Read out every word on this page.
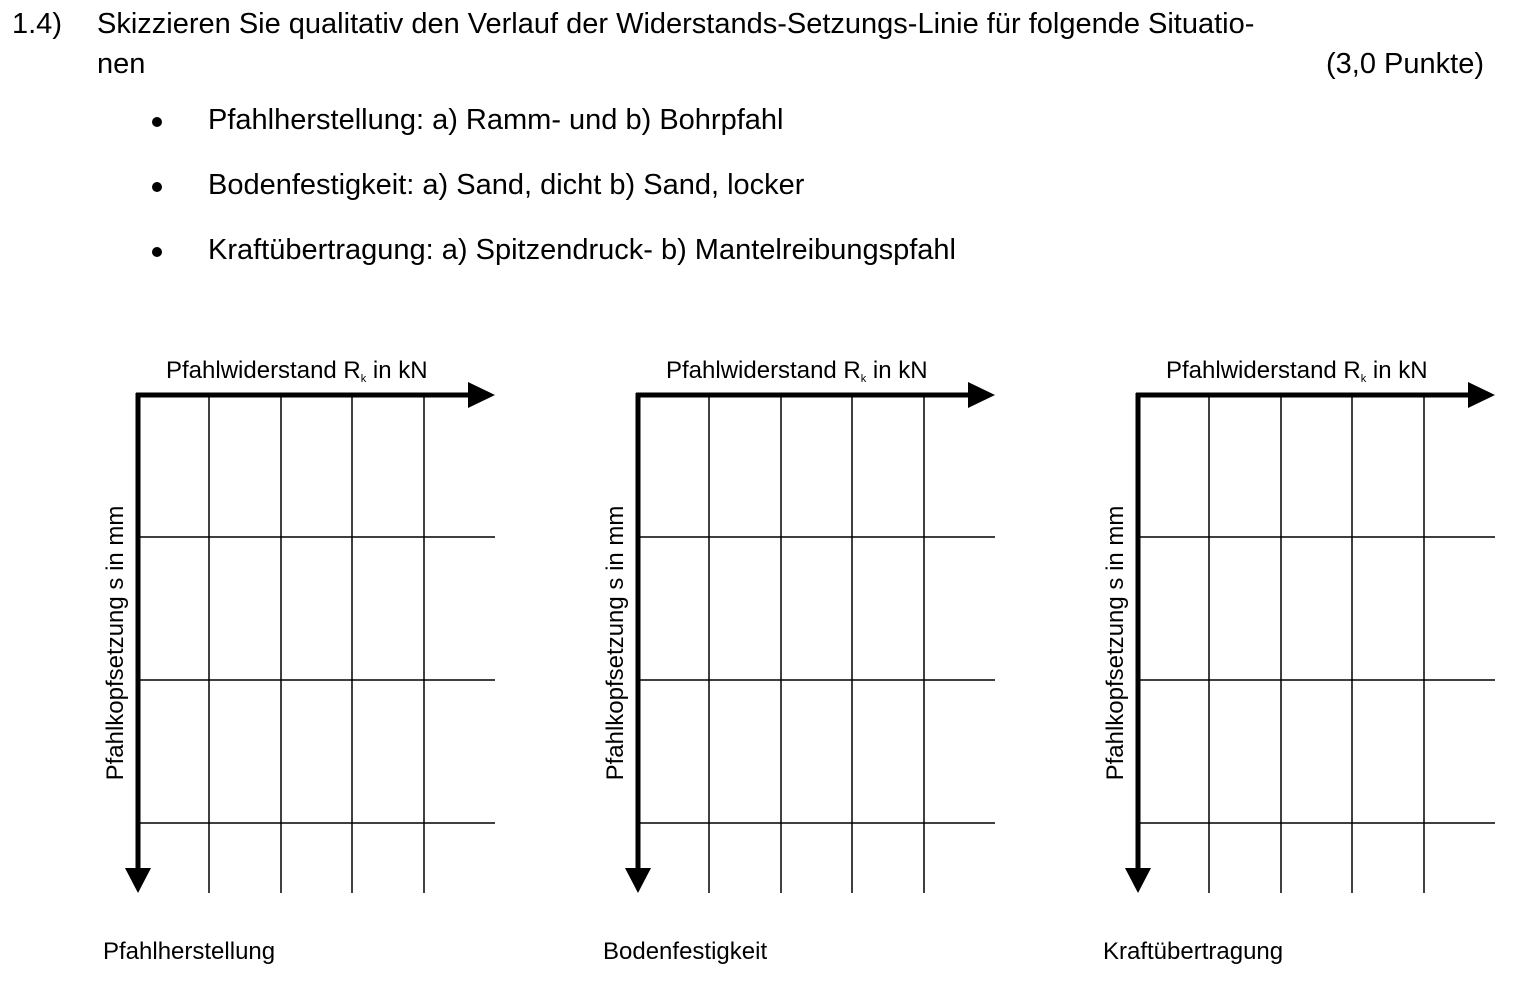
1.4) Skizzieren Sie qualitativ den Verlauf der Widerstands-Setzungs-Linie für folgende Situatio-
nen	(3,0 Punkte)
Pfahlherstellung: a) Ramm- und b) Bohrpfahl
Bodenfestigkeit: a) Sand, dicht b) Sand, locker
Kraftübertragung: a) Spitzendruck- b) Mantelreibungspfahl
Pfahlwiderstand Rk in kN
Pfahlkopfsetzung s in mm
Pfahlherstellung
Pfahlwiderstand Rk in kN
Pfahlkopfsetzung s in mm
Bodenfestigkeit
Pfahlwiderstand Rk in kN
Pfahlkopfsetzung s in mm
Kraftübertragung
